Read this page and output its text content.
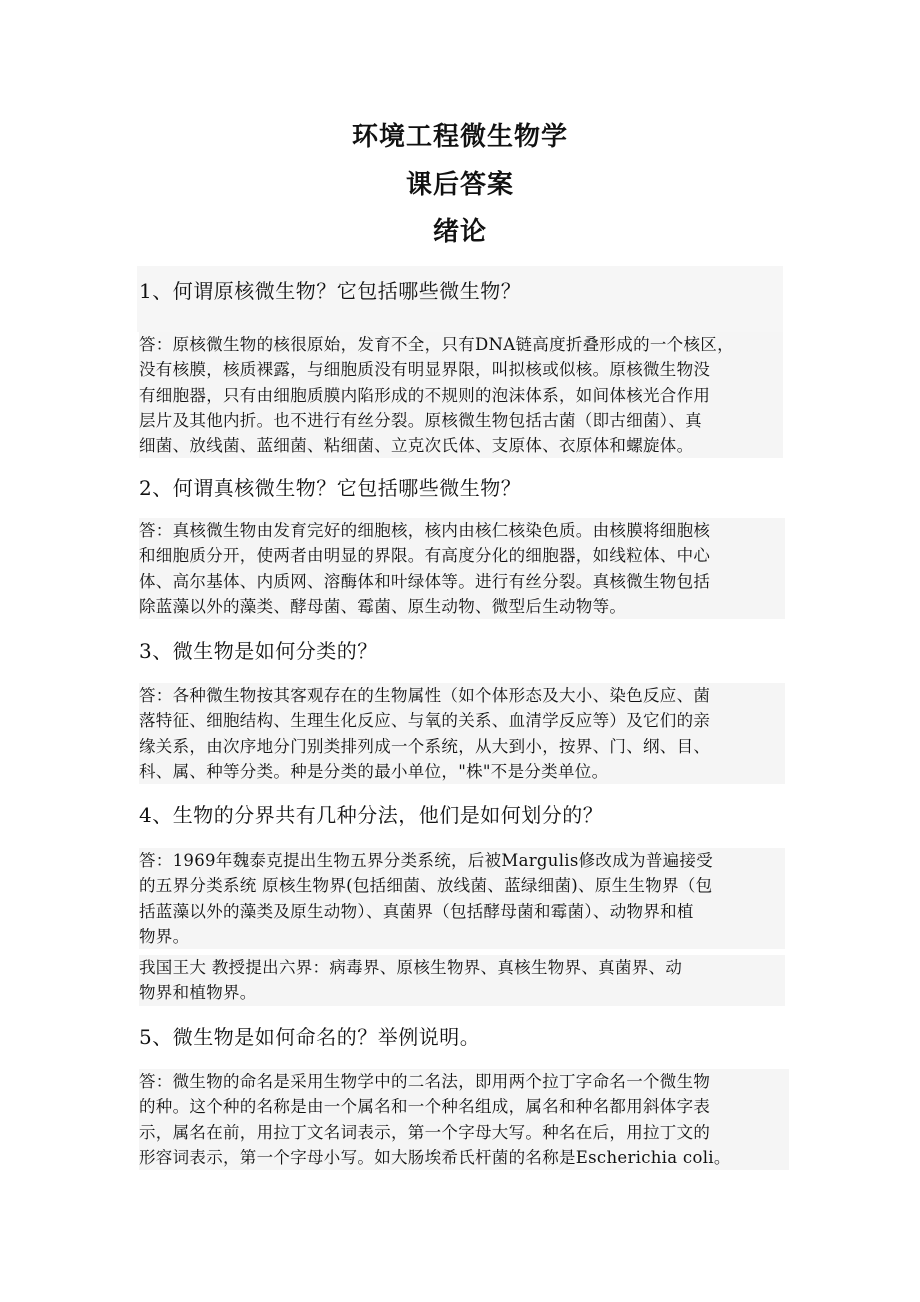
环境工程微生物学
课后答案
绪论
1、何谓原核微生物？它包括哪些微生物？
答：原核微生物的核很原始，发育不全，只有DNA链高度折叠形成的一个核区，
没有核膜，核质裸露，与细胞质没有明显界限，叫拟核或似核。原核微生物没
有细胞器，只有由细胞质膜内陷形成的不规则的泡沫体系，如间体核光合作用
层片及其他内折。也不进行有丝分裂。原核微生物包括古菌（即古细菌）、真
细菌、放线菌、蓝细菌、粘细菌、立克次氏体、支原体、衣原体和螺旋体。
2、何谓真核微生物？它包括哪些微生物？
答：真核微生物由发育完好的细胞核，核内由核仁核染色质。由核膜将细胞核
和细胞质分开，使两者由明显的界限。有高度分化的细胞器，如线粒体、中心
体、高尔基体、内质网、溶酶体和叶绿体等。进行有丝分裂。真核微生物包括
除蓝藻以外的藻类、酵母菌、霉菌、原生动物、微型后生动物等。
3、微生物是如何分类的？
答：各种微生物按其客观存在的生物属性（如个体形态及大小、染色反应、菌
落特征、细胞结构、生理生化反应、与氧的关系、血清学反应等）及它们的亲
缘关系，由次序地分门别类排列成一个系统，从大到小，按界、门、纲、目、
科、属、种等分类。种是分类的最小单位，"株"不是分类单位。
4、生物的分界共有几种分法，他们是如何划分的？
答：1969年魏泰克提出生物五界分类系统，后被Margulis修改成为普遍接受
的五界分类系统 原核生物界(包括细菌、放线菌、蓝绿细菌)、原生生物界（包
括蓝藻以外的藻类及原生动物）、真菌界（包括酵母菌和霉菌）、动物界和植
物界。
我国王大 教授提出六界：病毒界、原核生物界、真核生物界、真菌界、动
物界和植物界。
5、微生物是如何命名的？举例说明。
答：微生物的命名是采用生物学中的二名法，即用两个拉丁字命名一个微生物
的种。这个种的名称是由一个属名和一个种名组成，属名和种名都用斜体字表
示，属名在前，用拉丁文名词表示，第一个字母大写。种名在后，用拉丁文的
形容词表示，第一个字母小写。如大肠埃希氏杆菌的名称是Escherichia coli。
